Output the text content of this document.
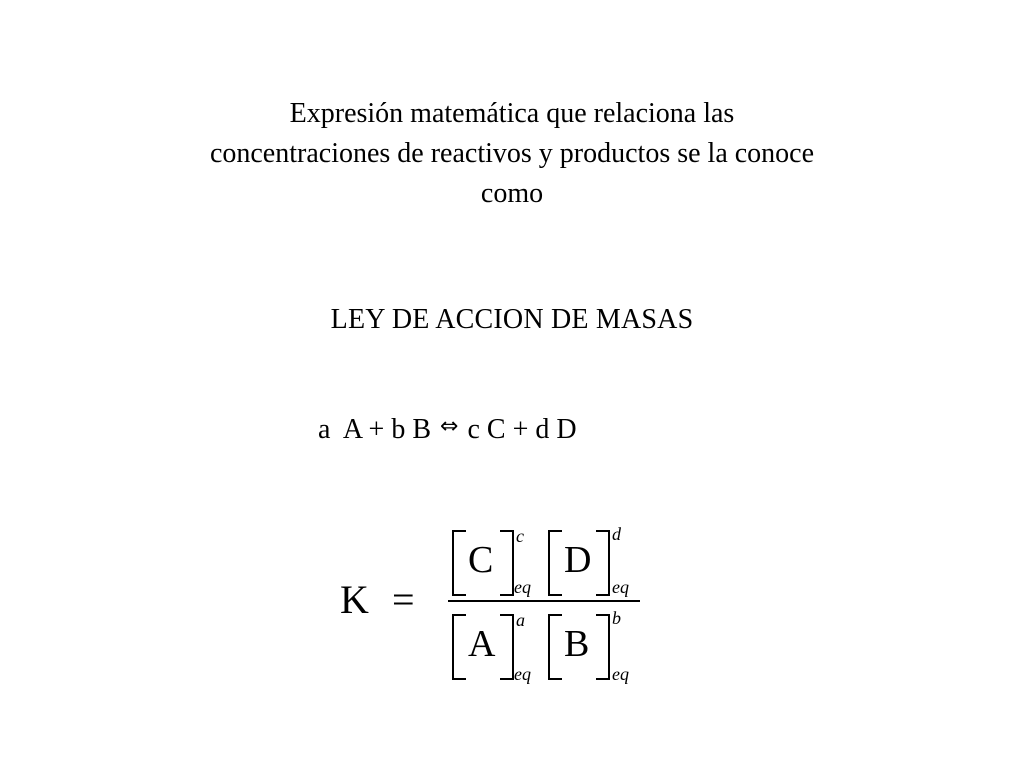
Expresión matemática que relaciona las
concentraciones de reactivos y productos se la conoce
como
LEY DE ACCION DE MASAS
a  A + b B ⇔ c C + d D
K =
C
c
eq
D
d
eq
A
a
eq
B
b
eq
